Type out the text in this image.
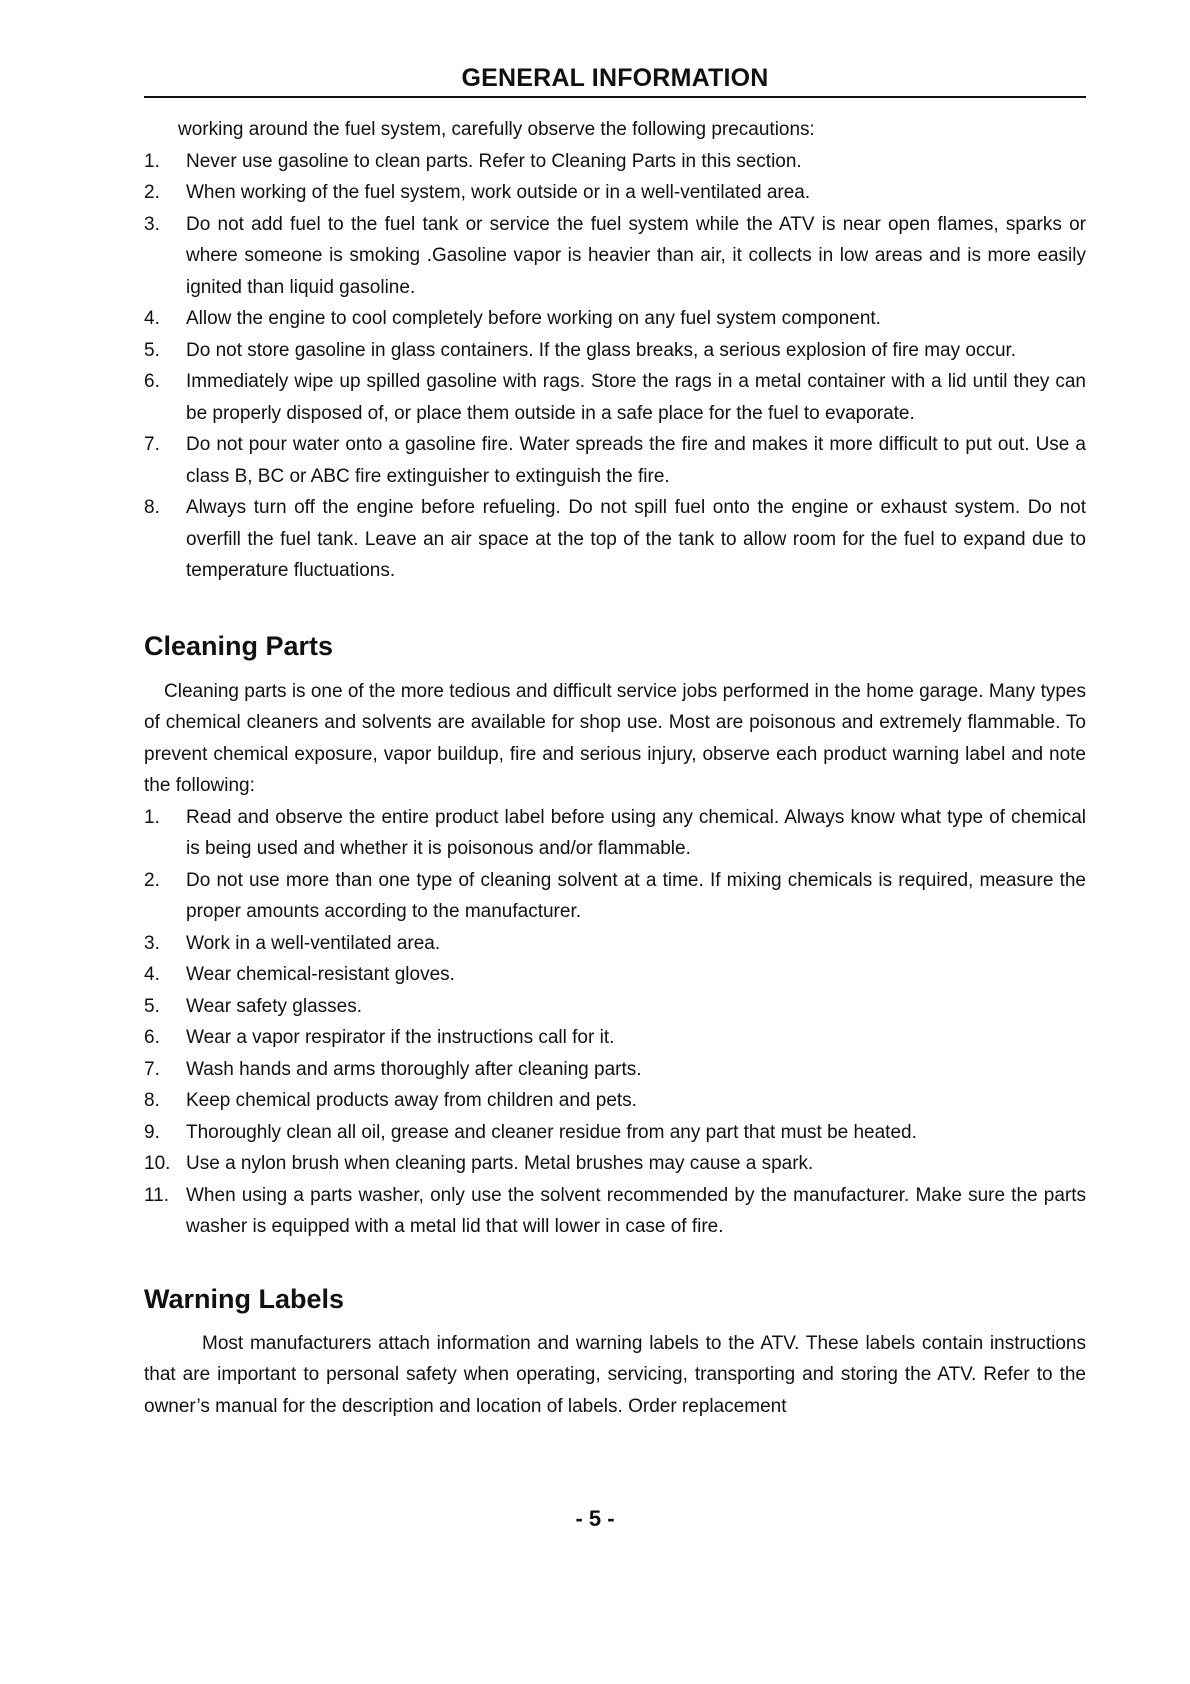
GENERAL INFORMATION

working around the fuel system, carefully observe the following precautions:

1. Never use gasoline to clean parts. Refer to Cleaning Parts in this section.
2. When working of the fuel system, work outside or in a well-ventilated area.
3. Do not add fuel to the fuel tank or service the fuel system while the ATV is near open flames, sparks or where someone is smoking .Gasoline vapor is heavier than air, it collects in low areas and is more easily ignited than liquid gasoline.
4. Allow the engine to cool completely before working on any fuel system component.
5. Do not store gasoline in glass containers. If the glass breaks, a serious explosion of fire may occur.
6. Immediately wipe up spilled gasoline with rags. Store the rags in a metal container with a lid until they can be properly disposed of, or place them outside in a safe place for the fuel to evaporate.
7. Do not pour water onto a gasoline fire. Water spreads the fire and makes it more difficult to put out. Use a class B, BC or ABC fire extinguisher to extinguish the fire.
8. Always turn off the engine before refueling. Do not spill fuel onto the engine or exhaust system. Do not overfill the fuel tank. Leave an air space at the top of the tank to allow room for the fuel to expand due to temperature fluctuations.
Cleaning Parts

Cleaning parts is one of the more tedious and difficult service jobs performed in the home garage. Many types of chemical cleaners and solvents are available for shop use. Most are poisonous and extremely flammable. To prevent chemical exposure, vapor buildup, fire and serious injury, observe each product warning label and note the following:

1. Read and observe the entire product label before using any chemical. Always know what type of chemical is being used and whether it is poisonous and/or flammable.
2. Do not use more than one type of cleaning solvent at a time. If mixing chemicals is required, measure the proper amounts according to the manufacturer.
3. Work in a well-ventilated area.
4. Wear chemical-resistant gloves.
5. Wear safety glasses.
6. Wear a vapor respirator if the instructions call for it.
7. Wash hands and arms thoroughly after cleaning parts.
8. Keep chemical products away from children and pets.
9. Thoroughly clean all oil, grease and cleaner residue from any part that must be heated.
10. Use a nylon brush when cleaning parts. Metal brushes may cause a spark.
11. When using a parts washer, only use the solvent recommended by the manufacturer. Make sure the parts washer is equipped with a metal lid that will lower in case of fire.
Warning Labels

Most manufacturers attach information and warning labels to the ATV. These labels contain instructions that are important to personal safety when operating, servicing, transporting and storing the ATV. Refer to the owner’s manual for the description and location of labels. Order replacement

- 5 -
